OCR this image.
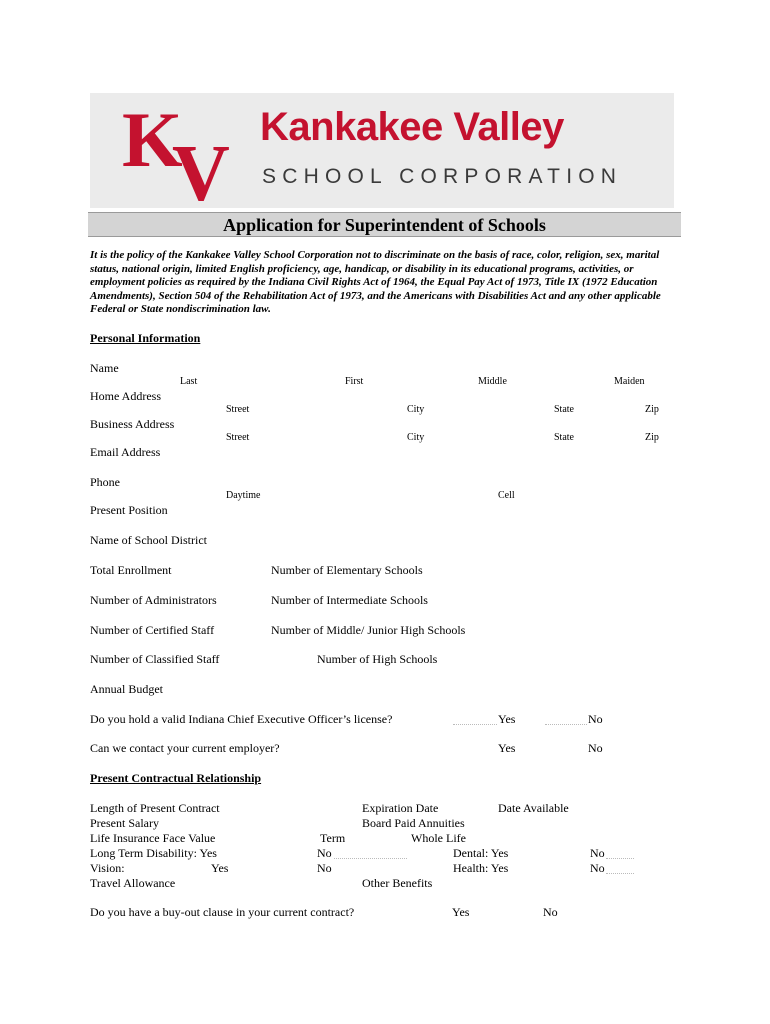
K
V
Kankakee Valley
SCHOOL CORPORATION
Application for Superintendent of Schools
It is the policy of the Kankakee Valley School Corporation not to discriminate on the basis of race, color, religion, sex, marital status, national origin, limited English proficiency, age, handicap, or disability in its educational programs, activities, or employment policies as required by the Indiana Civil Rights Act of 1964, the Equal Pay Act of 1973, Title IX (1972 Education Amendments), Section 504 of the Rehabilitation Act of 1973, and the Americans with Disabilities Act and any other applicable Federal or State nondiscrimination law.
Personal Information
Name
Last	First	Middle	Maiden
Home Address
Street	City	State	Zip
Business Address
Street	City	State	Zip
Email Address
Phone
Daytime	Cell
Present Position
Name of School District
Total Enrollment	Number of Elementary Schools
Number of Administrators	Number of Intermediate Schools
Number of Certified Staff	Number of Middle/ Junior High Schools
Number of Classified Staff	Number of High Schools
Annual Budget
Do you hold a valid Indiana Chief Executive Officer’s license?	Yes	No
Can we contact your current employer?	Yes	No
Present Contractual Relationship
Length of Present Contract	Expiration Date	Date Available
Present Salary	Board Paid Annuities
Life Insurance Face Value	Term	Whole Life
Long Term Disability: Yes	No	Dental: Yes	No
Vision:	Yes	No	Health: Yes	No
Travel Allowance	Other Benefits
Do you have a buy-out clause in your current contract?	Yes	No
